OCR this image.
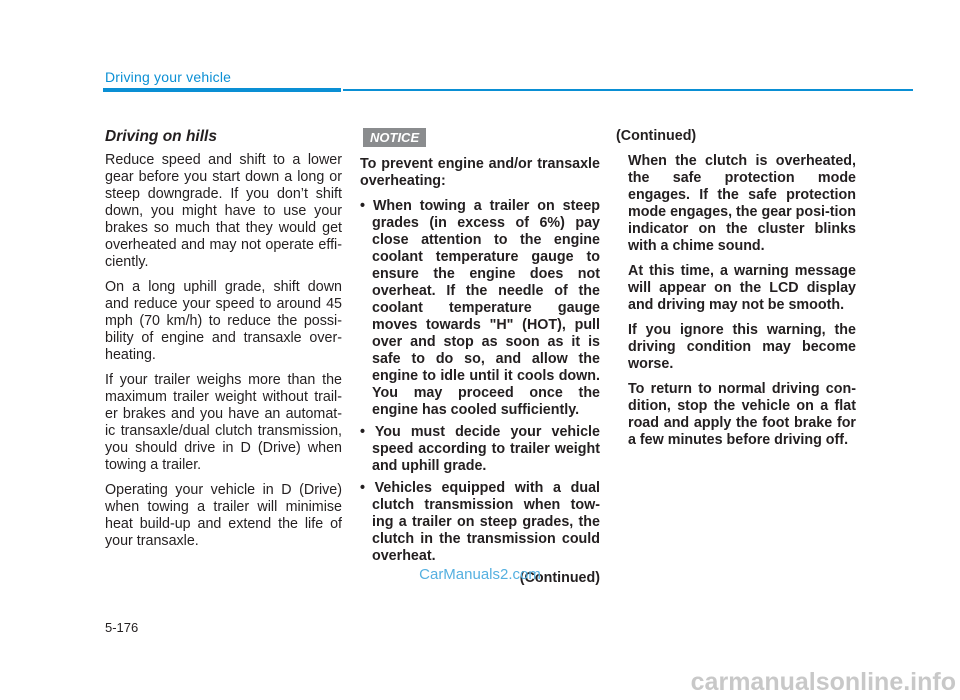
Driving your vehicle
Driving on hills

Reduce speed and shift to a lower gear before you start down a long or steep downgrade. If you don’t shift down, you might have to use your brakes so much that they would get overheated and may not operate effi-ciently.

On a long uphill grade, shift down and reduce your speed to around 45 mph (70 km/h) to reduce the possi-bility of engine and transaxle over-heating.

If your trailer weighs more than the maximum trailer weight without trail-er brakes and you have an automat-ic transaxle/dual clutch transmission, you should drive in D (Drive) when towing a trailer.

Operating your vehicle in D (Drive) when towing a trailer will minimise heat build-up and extend the life of your transaxle.

NOTICE

To prevent engine and/or transaxle overheating:

• When towing a trailer on steep grades (in excess of 6%) pay close attention to the engine coolant temperature gauge to ensure the engine does not overheat. If the needle of the coolant temperature gauge moves towards "H" (HOT), pull over and stop as soon as it is safe to do so, and allow the engine to idle until it cools down. You may proceed once the engine has cooled sufficiently.
• You must decide your vehicle speed according to trailer weight and uphill grade.
• Vehicles equipped with a dual clutch transmission when tow-ing a trailer on steep grades, the clutch in the transmission could overheat.
(Continued)

(Continued)

When the clutch is overheated, the safe protection mode engages. If the safe protection mode engages, the gear posi-tion indicator on the cluster blinks with a chime sound.

At this time, a warning message will appear on the LCD display and driving may not be smooth.

If you ignore this warning, the driving condition may become worse.

To return to normal driving con-dition, stop the vehicle on a flat road and apply the foot brake for a few minutes before driving off.

CarManuals2.com
5-176
carmanualsonline.info
